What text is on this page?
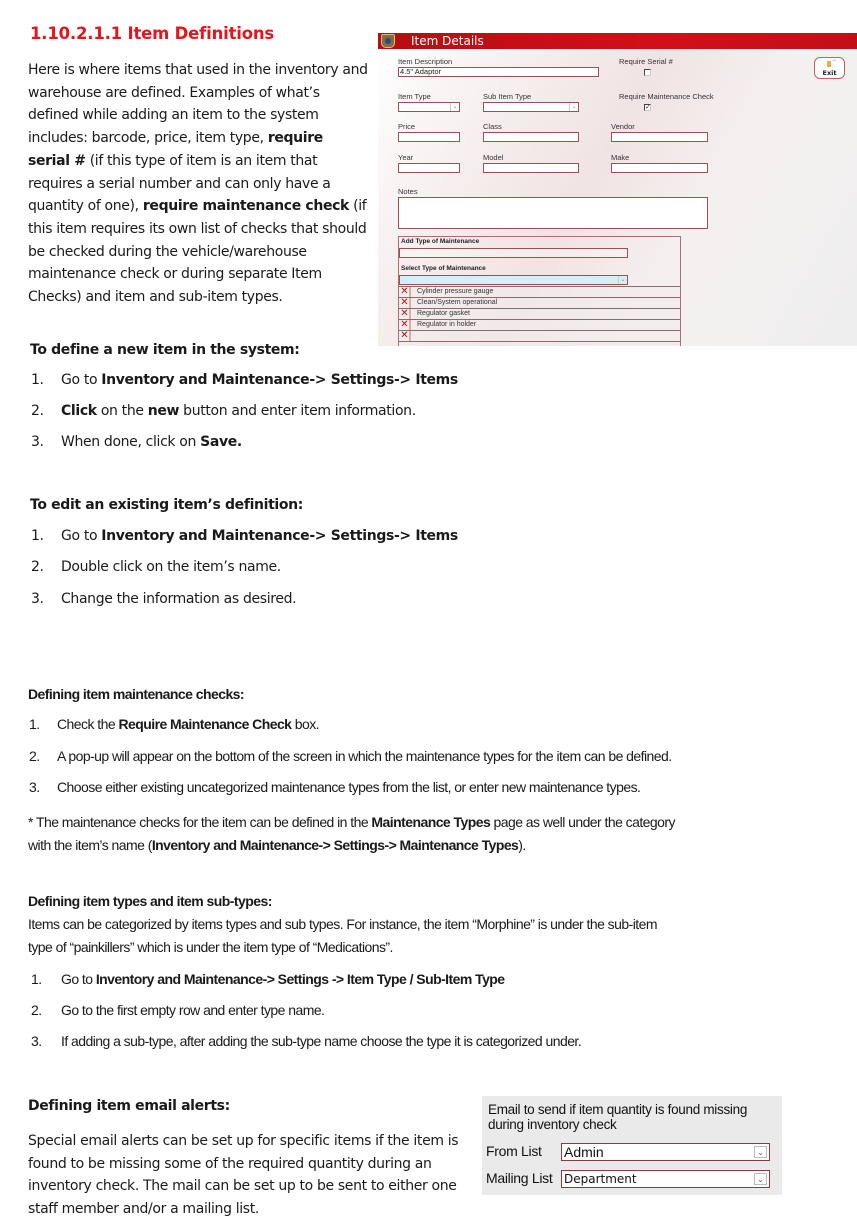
1.10.2.1.1 Item Definitions

Here is where items that used in the inventory and warehouse are defined. Examples of what’s defined while adding an item to the system includes: barcode, price, item type, require serial # (if this type of item is an item that requires a serial number and can only have a quantity of one), require maintenance check (if this item requires its own list of checks that should be checked during the vehicle/warehouse maintenance check or during separate Item Checks) and item and sub-item types.

Item Details
Item Description
4.5" Adaptor
Require Serial #
Require Maintenance Check
✓
→
Exit
Item Type
⌄
Sub Item Type
⌄
Price	Class	Vendor
Year	Model	Make
Notes
Add Type of Maintenance
Select Type of Maintenance
⌄
✕	Cylinder pressure gauge
✕	Clean/System operational
✕	Regulator gasket
✕	Regulator in holder
✕
To define a new item in the system:
1. Go to Inventory and Maintenance-> Settings-> Items
2. Click on the new button and enter item information.
3. When done, click on Save.
To edit an existing item’s definition:
1. Go to Inventory and Maintenance-> Settings-> Items
2. Double click on the item’s name.
3. Change the information as desired.
Defining item maintenance checks:
1. Check the Require Maintenance Check box.
2. A pop-up will appear on the bottom of the screen in which the maintenance types for the item can be defined.
3. Choose either existing uncategorized maintenance types from the list, or enter new maintenance types.

* The maintenance checks for the item can be defined in the Maintenance Types page as well under the category with the item’s name (Inventory and Maintenance-> Settings-> Maintenance Types).

Defining item types and item sub-types:

Items can be categorized by items types and sub types. For instance, the item “Morphine” is under the sub-item type of “painkillers” which is under the item type of “Medications”.

1. Go to Inventory and Maintenance-> Settings -> Item Type / Sub-Item Type
2. Go to the first empty row and enter type name.
3. If adding a sub-type, after adding the sub-type name choose the type it is categorized under.
Defining item email alerts:

Special email alerts can be set up for specific items if the item is found to be missing some of the required quantity during an inventory check. The mail can be set up to be sent to either one staff member and/or a mailing list.

Email to send if item quantity is found missing during inventory check
From List Admin	⌄
Mailing List Department	⌄
